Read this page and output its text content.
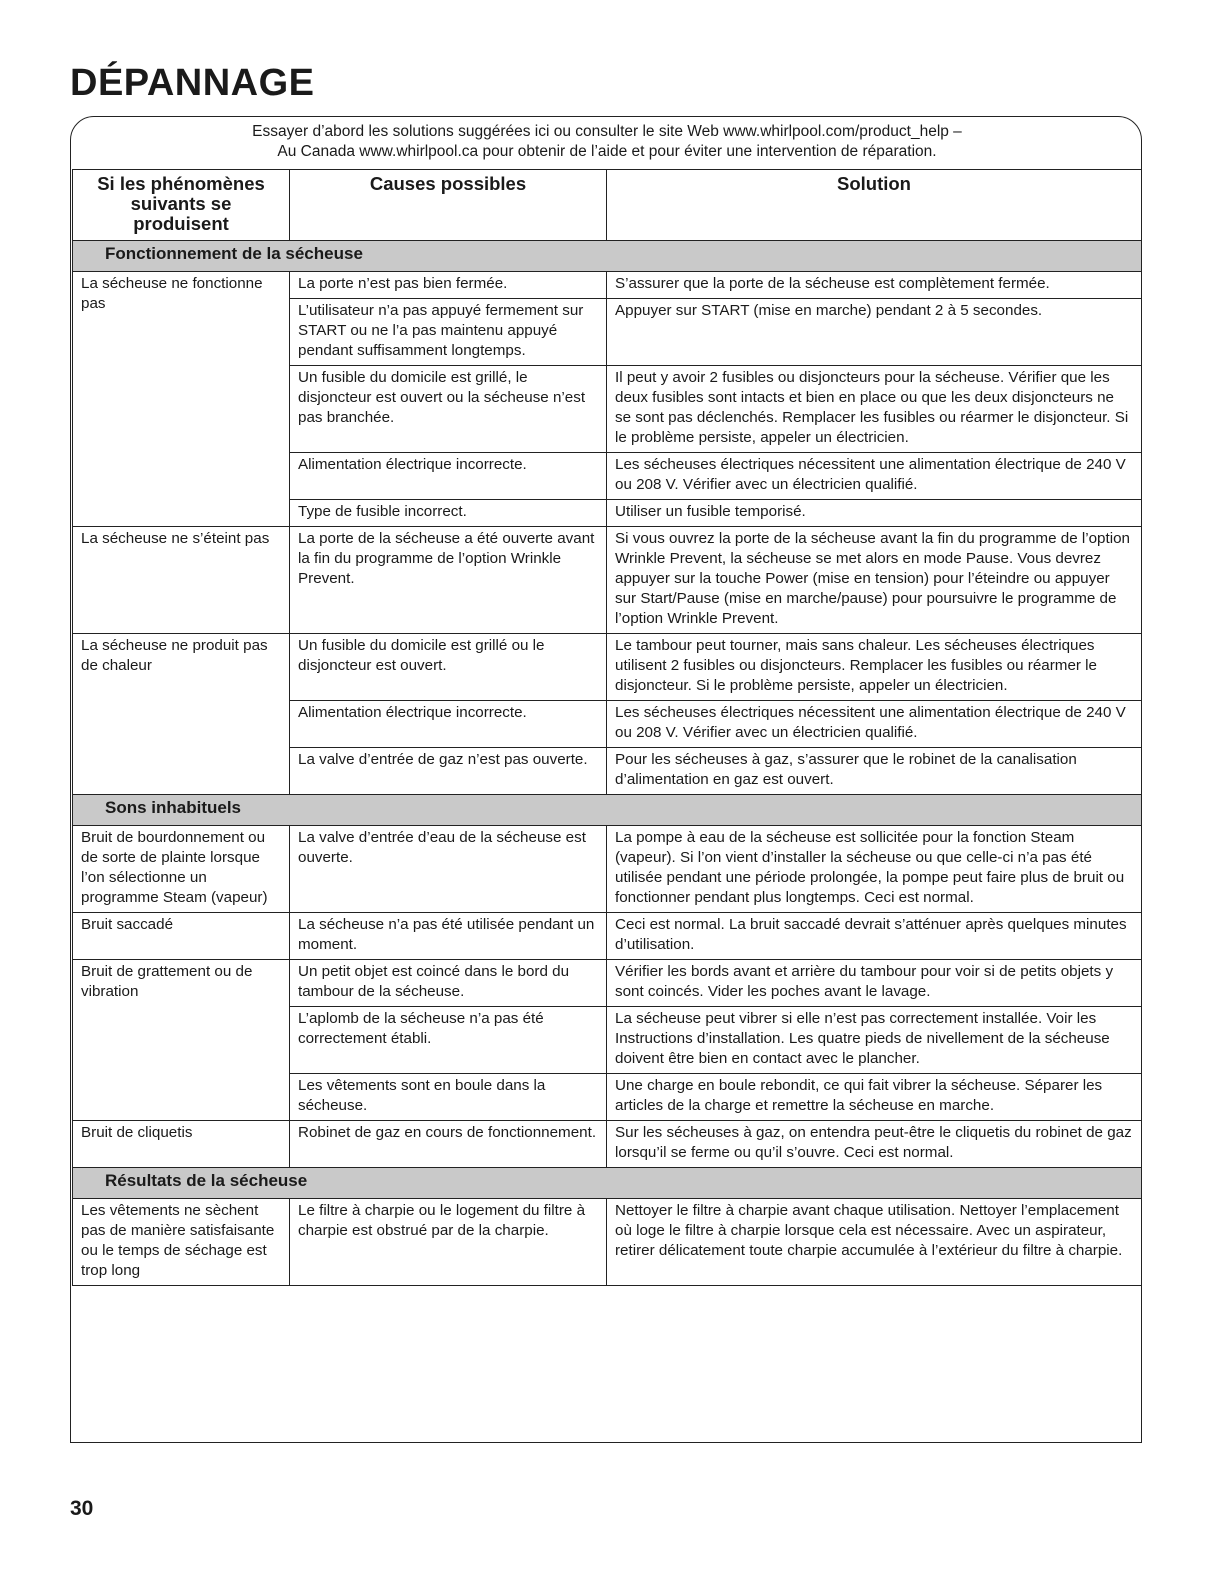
DÉPANNAGE
Essayer d’abord les solutions suggérées ici ou consulter le site Web www.whirlpool.com/product_help –
Au Canada www.whirlpool.ca pour obtenir de l’aide et pour éviter une intervention de réparation.
Si les phénomènes suivants se produisent	Causes possibles	Solution
Fonctionnement de la sécheuse		
La sécheuse ne fonctionne pas	La porte n’est pas bien fermée.	S’assurer que la porte de la sécheuse est complètement fermée.
	L’utilisateur n’a pas appuyé fermement sur START ou ne l’a pas maintenu appuyé pendant suffisamment longtemps.	Appuyer sur START (mise en marche) pendant 2 à 5 secondes.
	Un fusible du domicile est grillé, le disjoncteur est ouvert ou la sécheuse n’est pas branchée.	Il peut y avoir 2 fusibles ou disjoncteurs pour la sécheuse. Vérifier que les deux fusibles sont intacts et bien en place ou que les deux disjoncteurs ne se sont pas déclenchés. Remplacer les fusibles ou réarmer le disjoncteur. Si le problème persiste, appeler un électricien.
	Alimentation électrique incorrecte.	Les sécheuses électriques nécessitent une alimentation électrique de 240 V ou 208 V. Vérifier avec un électricien qualifié.
	Type de fusible incorrect.	Utiliser un fusible temporisé.
La sécheuse ne s’éteint pas	La porte de la sécheuse a été ouverte avant la fin du programme de l’option Wrinkle Prevent.	Si vous ouvrez la porte de la sécheuse avant la fin du programme de l’option Wrinkle Prevent, la sécheuse se met alors en mode Pause. Vous devrez appuyer sur la touche Power (mise en tension) pour l’éteindre ou appuyer sur Start/Pause (mise en marche/pause) pour poursuivre le programme de l’option Wrinkle Prevent.
La sécheuse ne produit pas de chaleur	Un fusible du domicile est grillé ou le disjoncteur est ouvert.	Le tambour peut tourner, mais sans chaleur. Les sécheuses électriques utilisent 2 fusibles ou disjoncteurs. Remplacer les fusibles ou réarmer le disjoncteur. Si le problème persiste, appeler un électricien.
	Alimentation électrique incorrecte.	Les sécheuses électriques nécessitent une alimentation électrique de 240 V ou 208 V. Vérifier avec un électricien qualifié.
	La valve d’entrée de gaz n’est pas ouverte.	Pour les sécheuses à gaz, s’assurer que le robinet de la canalisation d’alimentation en gaz est ouvert.
Sons inhabituels		
Bruit de bourdonnement ou de sorte de plainte lorsque l’on sélectionne un programme Steam (vapeur)	La valve d’entrée d’eau de la sécheuse est ouverte.	La pompe à eau de la sécheuse est sollicitée pour la fonction Steam (vapeur). Si l’on vient d’installer la sécheuse ou que celle-ci n’a pas été utilisée pendant une période prolongée, la pompe peut faire plus de bruit ou fonctionner pendant plus longtemps. Ceci est normal.
Bruit saccadé	La sécheuse n’a pas été utilisée pendant un moment.	Ceci est normal. La bruit saccadé devrait s’atténuer après quelques minutes d’utilisation.
Bruit de grattement ou de vibration	Un petit objet est coincé dans le bord du tambour de la sécheuse.	Vérifier les bords avant et arrière du tambour pour voir si de petits objets y sont coincés. Vider les poches avant le lavage.
	L’aplomb de la sécheuse n’a pas été correctement établi.	La sécheuse peut vibrer si elle n’est pas correctement installée. Voir les Instructions d’installation. Les quatre pieds de nivellement de la sécheuse doivent être bien en contact avec le plancher.
	Les vêtements sont en boule dans la sécheuse.	Une charge en boule rebondit, ce qui fait vibrer la sécheuse. Séparer les articles de la charge et remettre la sécheuse en marche.
Bruit de cliquetis	Robinet de gaz en cours de fonctionnement.	Sur les sécheuses à gaz, on entendra peut-être le cliquetis du robinet de gaz lorsqu’il se ferme ou qu’il s’ouvre. Ceci est normal.
Résultats de la sécheuse		
Les vêtements ne sèchent pas de manière satisfaisante ou le temps de séchage est trop long	Le filtre à charpie ou le logement du filtre à charpie est obstrué par de la charpie.	Nettoyer le filtre à charpie avant chaque utilisation. Nettoyer l’emplacement où loge le filtre à charpie lorsque cela est nécessaire. Avec un aspirateur, retirer délicatement toute charpie accumulée à l’extérieur du filtre à charpie.
30
